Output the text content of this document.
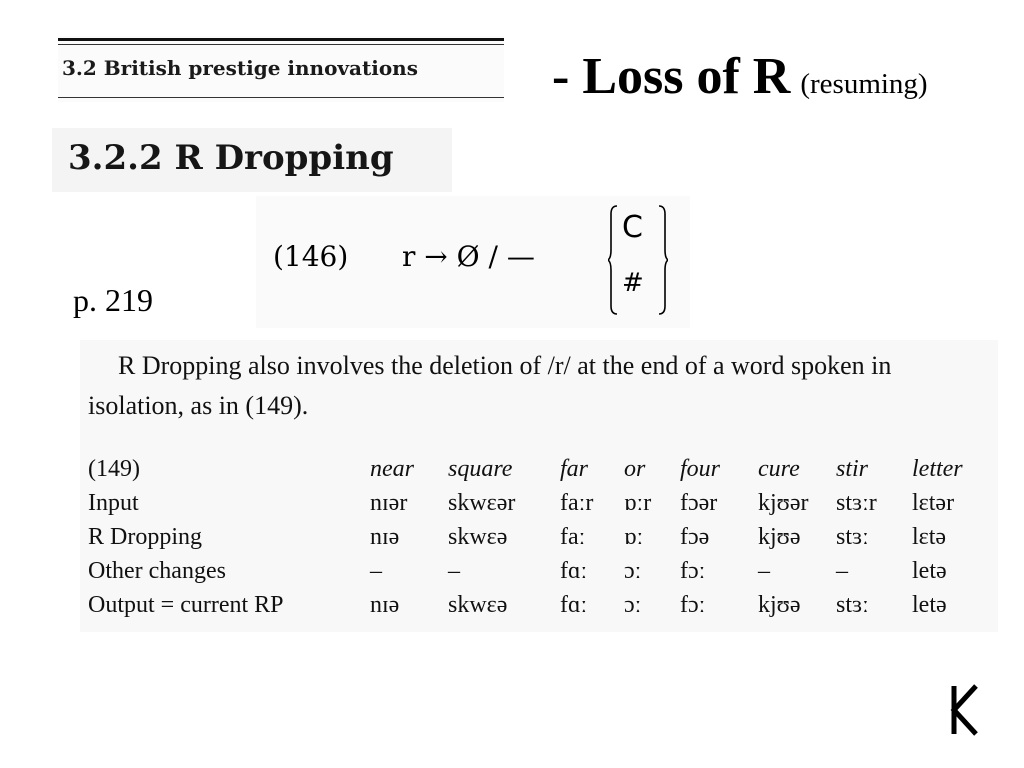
3.2 British prestige innovations	- Loss of R (resuming)
3.2.2 R Dropping
(146) r → Ø / —
C
#
p. 219
R Dropping also involves the deletion of /r/ at the end of a word spoken in isolation, as in (149).
(149)	near	square	far	or	four	cure	stir	letter
Input	nɪər	skwɛər	faːr	ɒːr	fɔər	kjʊər	stɜːr	lɛtər
R Dropping	nɪə	skwɛə	faː	ɒː	fɔə	kjʊə	stɜː	lɛtə
Other changes	–	–	fɑː	ɔː	fɔː	–	–	letə
Output = current RP	nɪə	skwɛə	fɑː	ɔː	fɔː	kjʊə	stɜː	letə
